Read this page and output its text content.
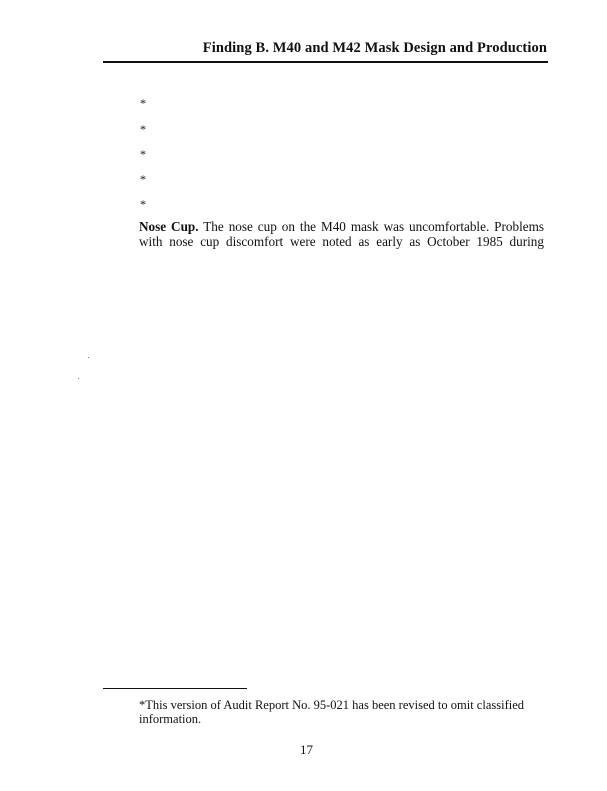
Finding B. M40 and M42 Mask Design and Production
*
*
*
*
*
Nose Cup. The nose cup on the M40 mask was uncomfortable. Problems with nose cup discomfort were noted as early as October 1985 during
*This version of Audit Report No. 95-021 has been revised to omit classified information.
17
